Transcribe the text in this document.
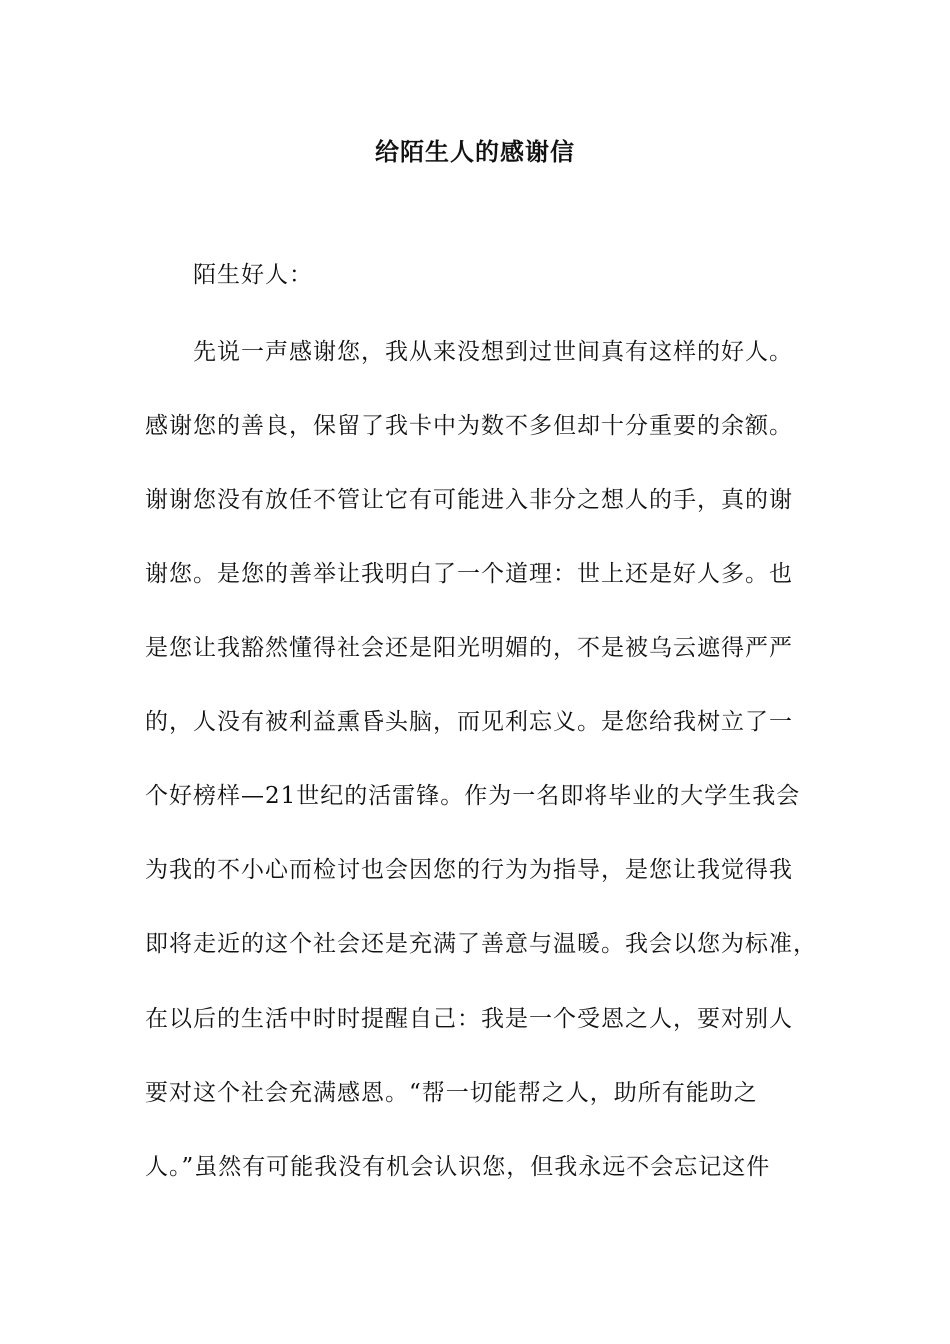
给陌生人的感谢信
陌生好人：
先说一声感谢您，我从来没想到过世间真有这样的好人。
感谢您的善良，保留了我卡中为数不多但却十分重要的余额。
谢谢您没有放任不管让它有可能进入非分之想人的手，真的谢
谢您。是您的善举让我明白了一个道理：世上还是好人多。也
是您让我豁然懂得社会还是阳光明媚的，不是被乌云遮得严严
的，人没有被利益熏昏头脑，而见利忘义。是您给我树立了一
个好榜样—21世纪的活雷锋。作为一名即将毕业的大学生我会
为我的不小心而检讨也会因您的行为为指导，是您让我觉得我
即将走近的这个社会还是充满了善意与温暖。我会以您为标准，
在以后的生活中时时提醒自己：我是一个受恩之人，要对别人
要对这个社会充满感恩。“帮一切能帮之人，助所有能助之
人。”虽然有可能我没有机会认识您，但我永远不会忘记这件
